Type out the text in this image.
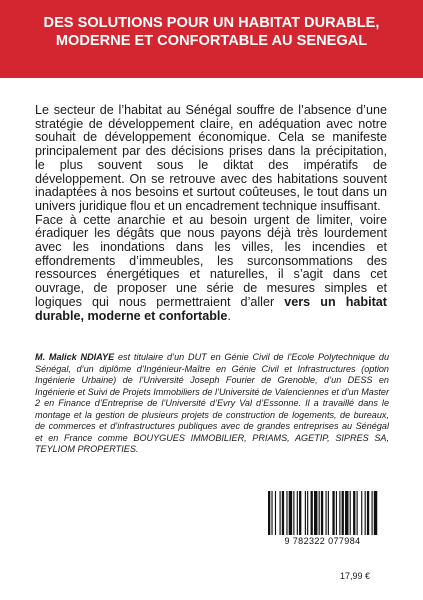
DES SOLUTIONS POUR UN HABITAT DURABLE,
MODERNE ET CONFORTABLE AU SENEGAL

Le secteur de l’habitat au Sénégal souffre de l’absence d’une stratégie de développement claire, en adéquation avec notre souhait de développement économique. Cela se manifeste principalement par des décisions prises dans la précipitation, le plus souvent sous le diktat des impératifs de développement. On se retrouve avec des habitations souvent inadaptées à nos besoins et surtout coûteuses, le tout dans un univers juridique flou et un encadrement technique insuffisant.

Face à cette anarchie et au besoin urgent de limiter, voire éradiquer les dégâts que nous payons déjà très lourdement avec les inondations dans les villes, les incendies et effondrements d’immeubles, les surconsommations des ressources énergétiques et naturelles, il s’agit dans cet ouvrage, de proposer une série de mesures simples et logiques qui nous permettraient d’aller vers un habitat durable, moderne et confortable.

M. Malick NDIAYE est titulaire d’un DUT en Génie Civil de l’Ecole Polytechnique du Sénégal, d’un diplôme d’Ingénieur-Maître en Génie Civil et Infrastructures (option Ingénierie Urbaine) de l’Université Joseph Fourier de Grenoble, d’un DESS en Ingénierie et Suivi de Projets Immobiliers de l’Université de Valenciennes et d’un Master 2 en Finance d’Entreprise de l’Université d’Evry Val d’Essonne. Il a travaillé dans le montage et la gestion de plusieurs projets de construction de logements, de bureaux, de commerces et d’infrastructures publiques avec de grandes entreprises au Sénégal et en France comme BOUYGUES IMMOBILIER, PRIAMS, AGETIP, SIPRES SA, TEYLIOM PROPERTIES.

9 782322 077984
17,99 €
